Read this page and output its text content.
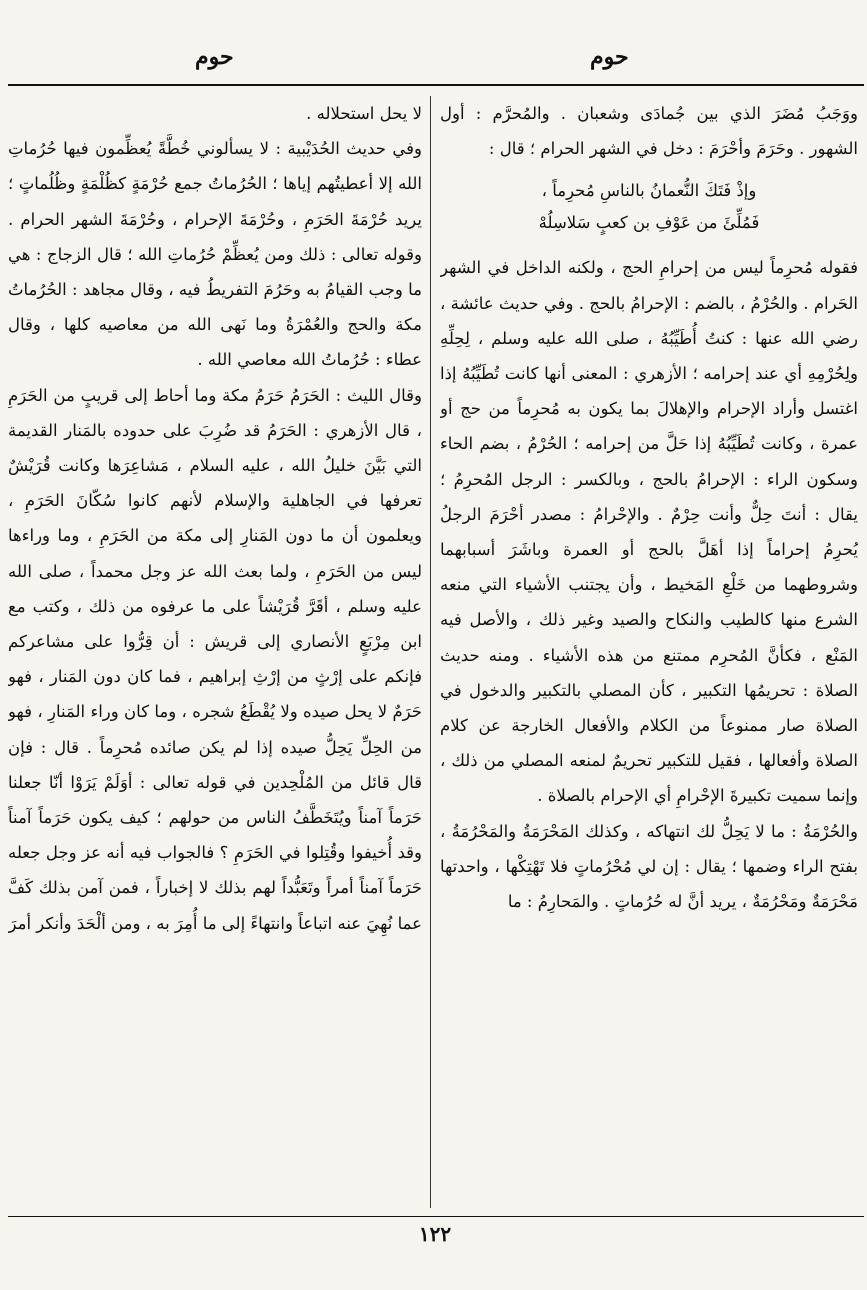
حوم
حوم

ووَجَبُ مُضَرَ الذي بين جُمادَى وشعبان . والمُحرَّم : أول الشهور . وحَرَمَ وأحْرَمَ : دخل في الشهر الحرام ؛ قال :

وإذْ فَتَكَ النُّعمانُ بالناسِ مُحرِماً ،
فَمُلِّئَ من عَوْفِ بن كعبٍ سَلاسِلُهْ

فقوله مُحرِماً ليس من إحرامِ الحج ، ولكنه الداخل في الشهر الحَرام . والحُرْمُ ، بالضم : الإحرامُ بالحج . وفي حديث عائشة ، رضي الله عنها : كنتُ أُطَيِّبُهُ ، صلى الله عليه وسلم ، لِحِلِّهِ ولِحُرْمِهِ أي عند إحرامه ؛ الأزهري : المعنى أنها كانت تُطَيِّبُهُ إذا اغتسل وأراد الإحرام والإهلالَ بما يكون به مُحرِماً من حج أو عمرة ، وكانت تُطَيِّبُهُ إذا حَلَّ من إحرامه ؛ الحُرْمُ ، بضم الحاء وسكون الراء : الإحرامُ بالحج ، وبالكسر : الرجل المُحرِمُ ؛ يقال : أنتَ حِلٌّ وأنت حِرْمٌ . والإحْرامُ : مصدر أحْرَمَ الرجلُ يُحرِمُ إحراماً إذا أهَلَّ بالحج أو العمرة وباشَرَ أسبابهما وشروطهما من خَلْعِ المَخيط ، وأن يجتنب الأشياء التي منعه الشرع منها كالطيب والنكاح والصيد وغير ذلك ، والأصل فيه المَنْع ، فكأنَّ المُحرِم ممتنع من هذه الأشياء . ومنه حديث الصلاة : تحريمُها التكبير ، كأن المصلي بالتكبير والدخول في الصلاة صار ممنوعاً من الكلام والأفعال الخارجة عن كلام الصلاة وأفعالها ، فقيل للتكبير تحريمٌ لمنعه المصلي من ذلك ، وإنما سميت تكبيرةَ الإحْرامِ أي الإحرام بالصلاة .

والحُرْمَةُ : ما لا يَحِلُّ لك انتهاكه ، وكذلك المَحْرَمَةُ والمَحْرُمَةُ ، بفتح الراء وضمها ؛ يقال : إن لي مُحْرُماتٍ فلا تَهْتِكْها ، واحدتها مَحْرَمَةٌ ومَحْرُمَةٌ ، يريد أنَّ له حُرُماتٍ . والمَحارِمُ : ما

لا يحل استحلاله .

وفي حديث الحُدَيْبية : لا يسألوني خُطَّةً يُعظِّمون فيها حُرُماتِ الله إلا أعطيتُهم إياها ؛ الحُرُماتُ جمع حُرْمَةٍ كظُلْمَةٍ وظُلُماتٍ ؛ يريد حُرْمَةَ الحَرَمِ ، وحُرْمَةَ الإحرام ، وحُرْمَةَ الشهر الحرام . وقوله تعالى : ذلك ومن يُعظِّمْ حُرُماتِ الله ؛ قال الزجاج : هي ما وجب القيامُ به وحَرُمَ التفريطُ فيه ، وقال مجاهد : الحُرُماتُ مكة والحج والعُمْرَةُ وما نَهى الله من معاصيه كلها ، وقال عطاء : حُرُماتُ الله معاصي الله .

وقال الليث : الحَرَمُ حَرَمُ مكة وما أحاط إلى قريبٍ من الحَرَمِ ، قال الأزهري : الحَرَمُ قد ضُرِبَ على حدوده بالمَنار القديمة التي بَيَّنَ خليلُ الله ، عليه السلام ، مَشاعِرَها وكانت قُرَيْشٌ تعرفها في الجاهلية والإسلام لأنهم كانوا سُكّانَ الحَرَمِ ، ويعلمون أن ما دون المَنارِ إلى مكة من الحَرَمِ ، وما وراءها ليس من الحَرَمِ ، ولما بعث الله عز وجل محمداً ، صلى الله عليه وسلم ، أقَرَّ قُرَيْشاً على ما عرفوه من ذلك ، وكتب مع ابن مِرْبَعٍ الأنصاري إلى قريش : أن قِرُّوا على مشاعركم فإنكم على إرْثٍ من إرْثِ إبراهيم ، فما كان دون المَنار ، فهو حَرَمٌ لا يحل صيده ولا يُقْطَعُ شجره ، وما كان وراء المَنارِ ، فهو من الحِلِّ يَحِلُّ صيده إذا لم يكن صائده مُحرِماً . قال : فإن قال قائل من المُلْحِدين في قوله تعالى : أوَلَمْ يَرَوْا أنّا جعلنا حَرَماً آمناً ويُتَخَطَّفُ الناس من حولهم ؛ كيف يكون حَرَماً آمناً وقد أُخيفوا وقُتِلوا في الحَرَمِ ؟ فالجواب فيه أنه عز وجل جعله حَرَماً آمناً أمراً وتَعَبُّداً لهم بذلك لا إخباراً ، فمن آمن بذلك كَفَّ عما نُهِيَ عنه اتباعاً وانتهاءً إلى ما أُمِرَ به ، ومن ألْحَدَ وأنكر أمرَ

١٢٢
